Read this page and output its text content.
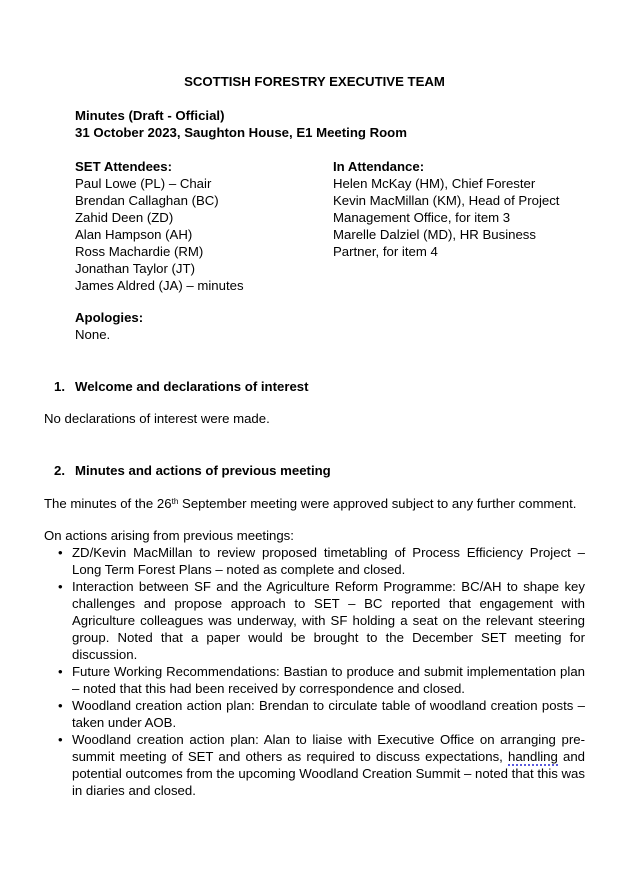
SCOTTISH FORESTRY EXECUTIVE TEAM
Minutes (Draft - Official)
31 October 2023, Saughton House, E1 Meeting Room
SET Attendees:
Paul Lowe (PL) – Chair
Brendan Callaghan (BC)
Zahid Deen (ZD)
Alan Hampson (AH)
Ross Machardie (RM)
Jonathan Taylor (JT)
James Aldred (JA) – minutes
In Attendance:
Helen McKay (HM), Chief Forester
Kevin MacMillan (KM), Head of Project
Management Office, for item 3
Marelle Dalziel (MD), HR Business
Partner, for item 4
Apologies:
None.
1. Welcome and declarations of interest
No declarations of interest were made.
2. Minutes and actions of previous meeting
The minutes of the 26th September meeting were approved subject to any further comment.
On actions arising from previous meetings:
• ZD/Kevin MacMillan to review proposed timetabling of Process Efficiency Project – Long Term Forest Plans – noted as complete and closed.
• Interaction between SF and the Agriculture Reform Programme: BC/AH to shape key challenges and propose approach to SET – BC reported that engagement with Agriculture colleagues was underway, with SF holding a seat on the relevant steering group. Noted that a paper would be brought to the December SET meeting for discussion.
• Future Working Recommendations: Bastian to produce and submit implementation plan – noted that this had been received by correspondence and closed.
• Woodland creation action plan: Brendan to circulate table of woodland creation posts – taken under AOB.
• Woodland creation action plan: Alan to liaise with Executive Office on arranging pre-summit meeting of SET and others as required to discuss expectations, handling and potential outcomes from the upcoming Woodland Creation Summit – noted that this was in diaries and closed.
